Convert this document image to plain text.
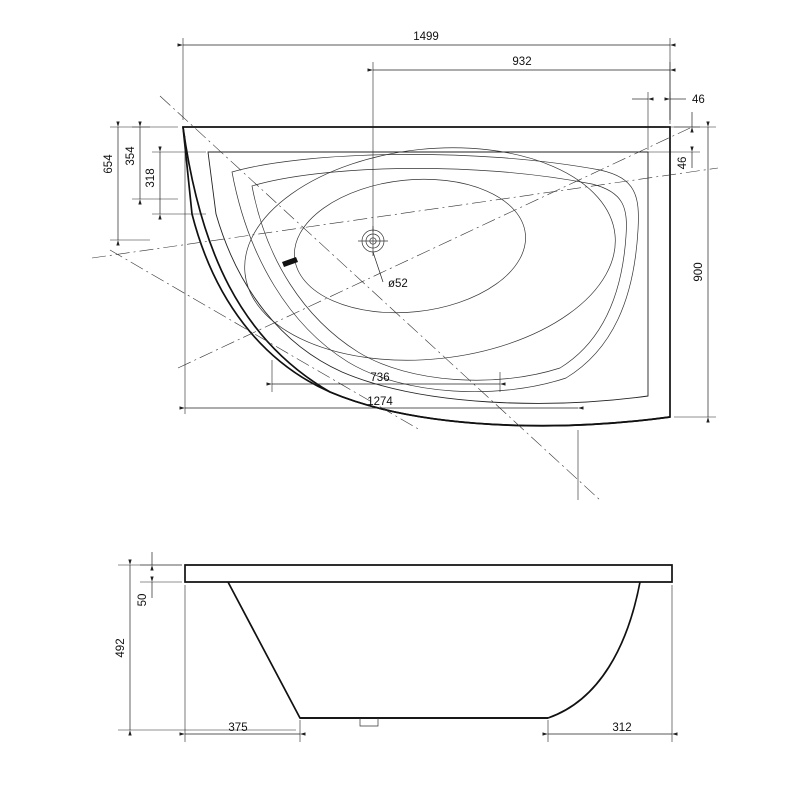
1499
932
46
46
900
654 354
318
ø52
736
1274
50
492
375	312
